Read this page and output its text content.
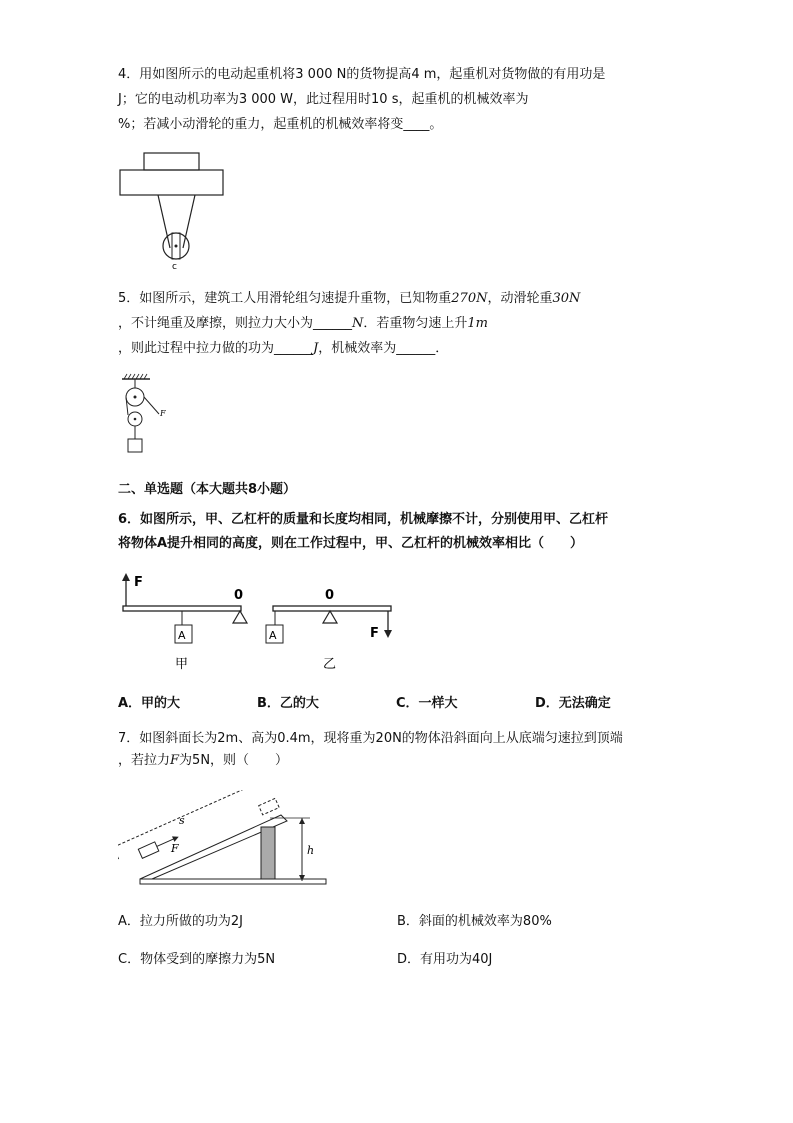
4．用如图所示的电动起重机将3 000 N的货物提高4 m，起重机对货物做的有用功是
J；它的电动机功率为3 000 W，此过程用时10 s，起重机的机械效率为
%；若减小动滑轮的重力，起重机的机械效率将变____。
c
5．如图所示，建筑工人用滑轮组匀速提升重物，已知物重270N，动滑轮重30N
，不计绳重及摩擦，则拉力大小为______N．若重物匀速上升1m
，则此过程中拉力做的功为______J，机械效率为______．
F
二、单选题（本大题共8小题）
6．如图所示，甲、乙杠杆的质量和长度均相同，机械摩擦不计，分别使用甲、乙杠杆
将物体A提升相同的高度，则在工作过程中，甲、乙杠杆的机械效率相比（　　）
F
0
A
甲
0
A	F
乙
A．甲的大	B．乙的大	C．一样大	D．无法确定
7．如图斜面长为2m、高为0.4m，现将重为20N的物体沿斜面向上从底端匀速拉到顶端
，若拉力F为5N，则（　　）
s
F	h
A．拉力所做的功为2J	B．斜面的机械效率为80%
C．物体受到的摩擦力为5N	D．有用功为40J
